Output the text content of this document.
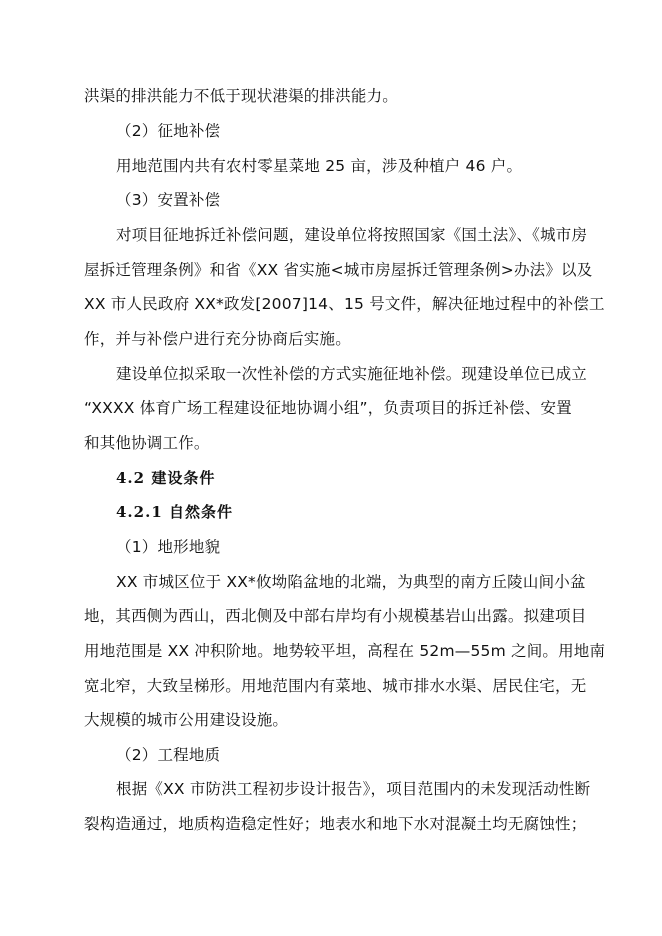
洪渠的排洪能力不低于现状港渠的排洪能力。
（2）征地补偿
用地范围内共有农村零星菜地 25 亩，涉及种植户 46 户。
（3）安置补偿
对项目征地拆迁补偿问题，建设单位将按照国家《国土法》、《城市房
屋拆迁管理条例》和省《XX 省实施<城市房屋拆迁管理条例>办法》以及
XX 市人民政府 XX*政发[2007]14、15 号文件，解决征地过程中的补偿工
作，并与补偿户进行充分协商后实施。
建设单位拟采取一次性补偿的方式实施征地补偿。现建设单位已成立
“XXXX 体育广场工程建设征地协调小组”，负责项目的拆迁补偿、安置
和其他协调工作。
4.2 建设条件
4.2.1 自然条件
（1）地形地貌
XX 市城区位于 XX*攸坳陷盆地的北端，为典型的南方丘陵山间小盆
地，其西侧为西山，西北侧及中部右岸均有小规模基岩山出露。拟建项目
用地范围是 XX 冲积阶地。地势较平坦，高程在 52m—55m 之间。用地南
宽北窄，大致呈梯形。用地范围内有菜地、城市排水水渠、居民住宅，无
大规模的城市公用建设设施。
（2）工程地质
根据《XX 市防洪工程初步设计报告》，项目范围内的未发现活动性断
裂构造通过，地质构造稳定性好；地表水和地下水对混凝土均无腐蚀性；
